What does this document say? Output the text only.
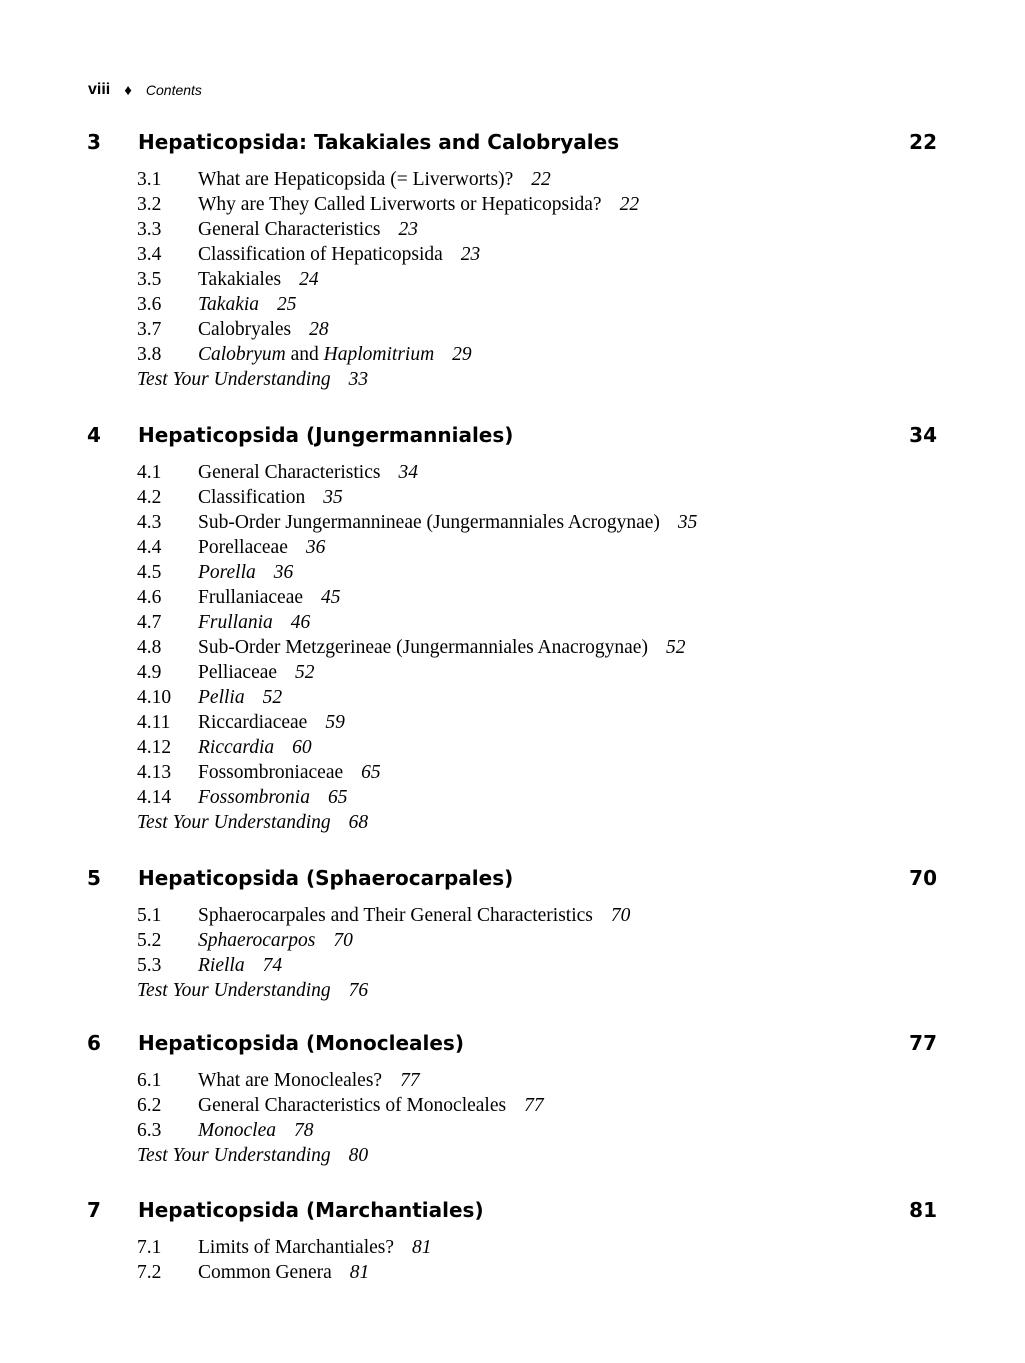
viii ♦ Contents
3 Hepaticopsida: Takakiales and Calobryales	22
3.1 What are Hepaticopsida (= Liverworts)? 22
3.2 Why are They Called Liverworts or Hepaticopsida? 22
3.3 General Characteristics 23
3.4 Classification of Hepaticopsida 23
3.5 Takakiales 24
3.6 Takakia 25
3.7 Calobryales 28
3.8 Calobryum and Haplomitrium 29
Test Your Understanding 33
4 Hepaticopsida (Jungermanniales)	34
4.1 General Characteristics 34
4.2 Classification 35
4.3 Sub-Order Jungermannineae (Jungermanniales Acrogynae) 35
4.4 Porellaceae 36
4.5 Porella 36
4.6 Frullaniaceae 45
4.7 Frullania 46
4.8 Sub-Order Metzgerineae (Jungermanniales Anacrogynae) 52
4.9 Pelliaceae 52
4.10 Pellia 52
4.11 Riccardiaceae 59
4.12 Riccardia 60
4.13 Fossombroniaceae 65
4.14 Fossombronia 65
Test Your Understanding 68
5 Hepaticopsida (Sphaerocarpales)	70
5.1 Sphaerocarpales and Their General Characteristics 70
5.2 Sphaerocarpos 70
5.3 Riella 74
Test Your Understanding 76
6 Hepaticopsida (Monocleales)	77
6.1 What are Monocleales? 77
6.2 General Characteristics of Monocleales 77
6.3 Monoclea 78
Test Your Understanding 80
7 Hepaticopsida (Marchantiales)	81
7.1 Limits of Marchantiales? 81
7.2 Common Genera 81
